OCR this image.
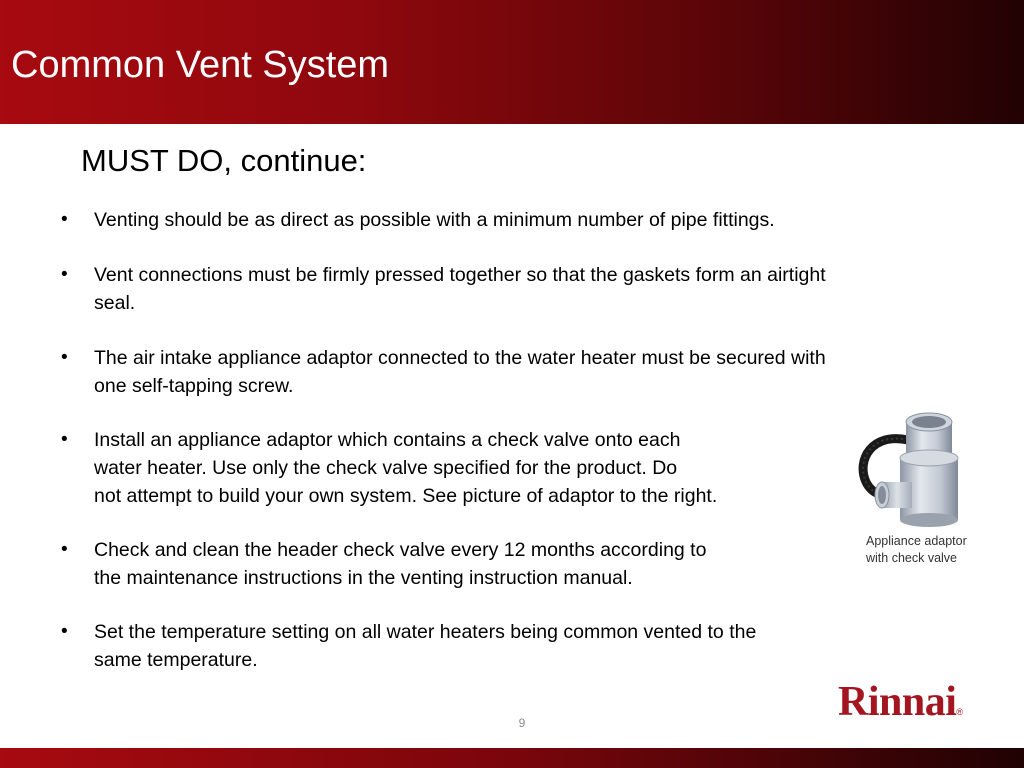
Common Vent System
MUST DO, continue:
• Venting should be as direct as possible with a minimum number of pipe fittings.
• Vent connections must be firmly pressed together so that the gaskets form an airtight
seal.
• The air intake appliance adaptor connected to the water heater must be secured with
one self-tapping screw.
• Install an appliance adaptor which contains a check valve onto each
water heater. Use only the check valve specified for the product. Do
not attempt to build your own system. See picture of adaptor to the right.
• Check and clean the header check valve every 12 months according to
the maintenance instructions in the venting instruction manual.
• Set the temperature setting on all water heaters being common vented to the
same temperature.
Appliance adaptor
with check valve
Rinnai®
9
